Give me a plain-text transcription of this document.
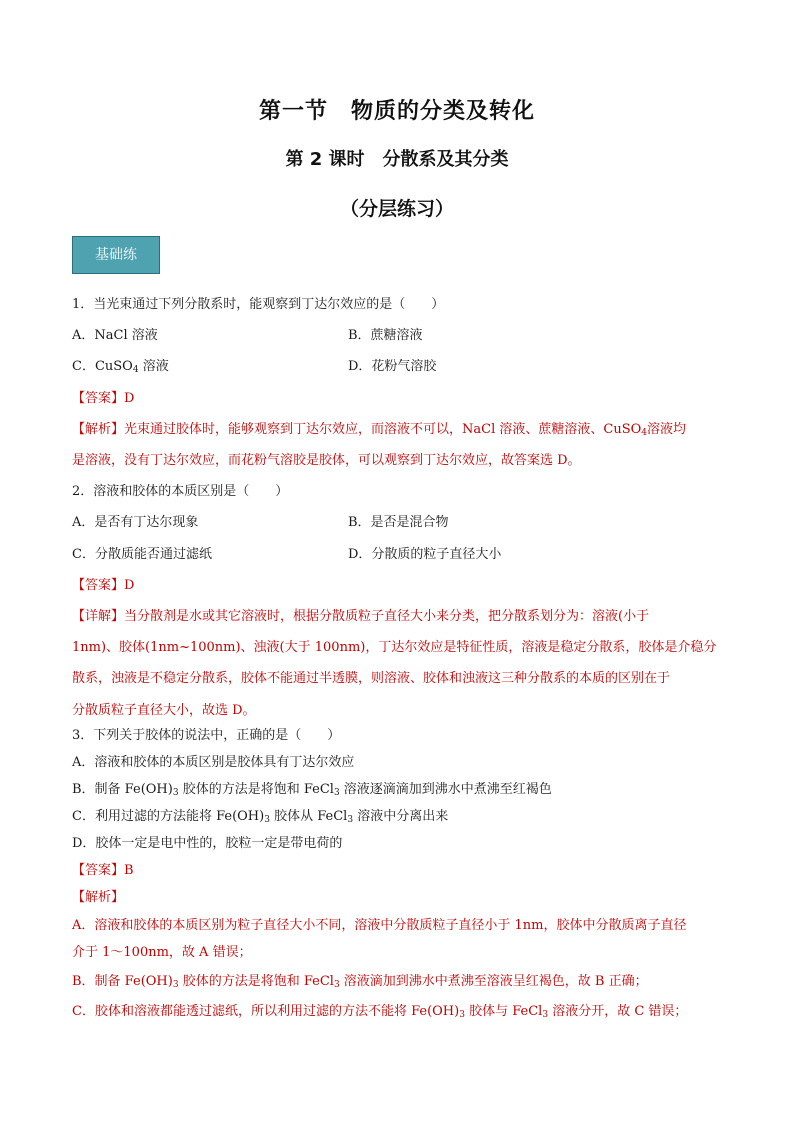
第一节　物质的分类及转化
第 2 课时　分散系及其分类
（分层练习）
基础练
1．当光束通过下列分散系时，能观察到丁达尔效应的是（　　）
A．NaCl 溶液	B．蔗糖溶液
C．CuSO$_4$ 溶液	D．花粉气溶胶
【答案】D
【解析】光束通过胶体时，能够观察到丁达尔效应，而溶液不可以，NaCl 溶液、蔗糖溶液、CuSO$_4$溶液均
是溶液，没有丁达尔效应，而花粉气溶胶是胶体，可以观察到丁达尔效应，故答案选 D。
2．溶液和胶体的本质区别是（　　）
A．是否有丁达尔现象	B．是否是混合物
C．分散质能否通过滤纸	D．分散质的粒子直径大小
【答案】D
【详解】当分散剂是水或其它溶液时，根据分散质粒子直径大小来分类，把分散系划分为：溶液(小于
1nm)、胶体(1nm~100nm)、浊液(大于 100nm)，丁达尔效应是特征性质，溶液是稳定分散系，胶体是介稳分
散系，浊液是不稳定分散系，胶体不能通过半透膜，则溶液、胶体和浊液这三种分散系的本质的区别在于
分散质粒子直径大小，故选 D。
3．下列关于胶体的说法中，正确的是（　　）
A．溶液和胶体的本质区别是胶体具有丁达尔效应
B．制备 $Fe(OH)_3$ 胶体的方法是将饱和 FeCl$_3$ 溶液逐滴滴加到沸水中煮沸至红褐色
C．利用过滤的方法能将 $Fe(OH)_3$ 胶体从 FeCl$_3$ 溶液中分离出来
D．胶体一定是电中性的，胶粒一定是带电荷的
【答案】B
【解析】
A．溶液和胶体的本质区别为粒子直径大小不同，溶液中分散质粒子直径小于 1nm，胶体中分散质离子直径
介于 1～100nm，故 A 错误；
B．制备 $Fe(OH)_3$ 胶体的方法是将饱和 FeCl$_3$ 溶液滴加到沸水中煮沸至溶液呈红褐色，故 B 正确；
C．胶体和溶液都能透过滤纸，所以利用过滤的方法不能将 $Fe(OH)_3$ 胶体与 FeCl$_3$ 溶液分开，故 C 错误；
